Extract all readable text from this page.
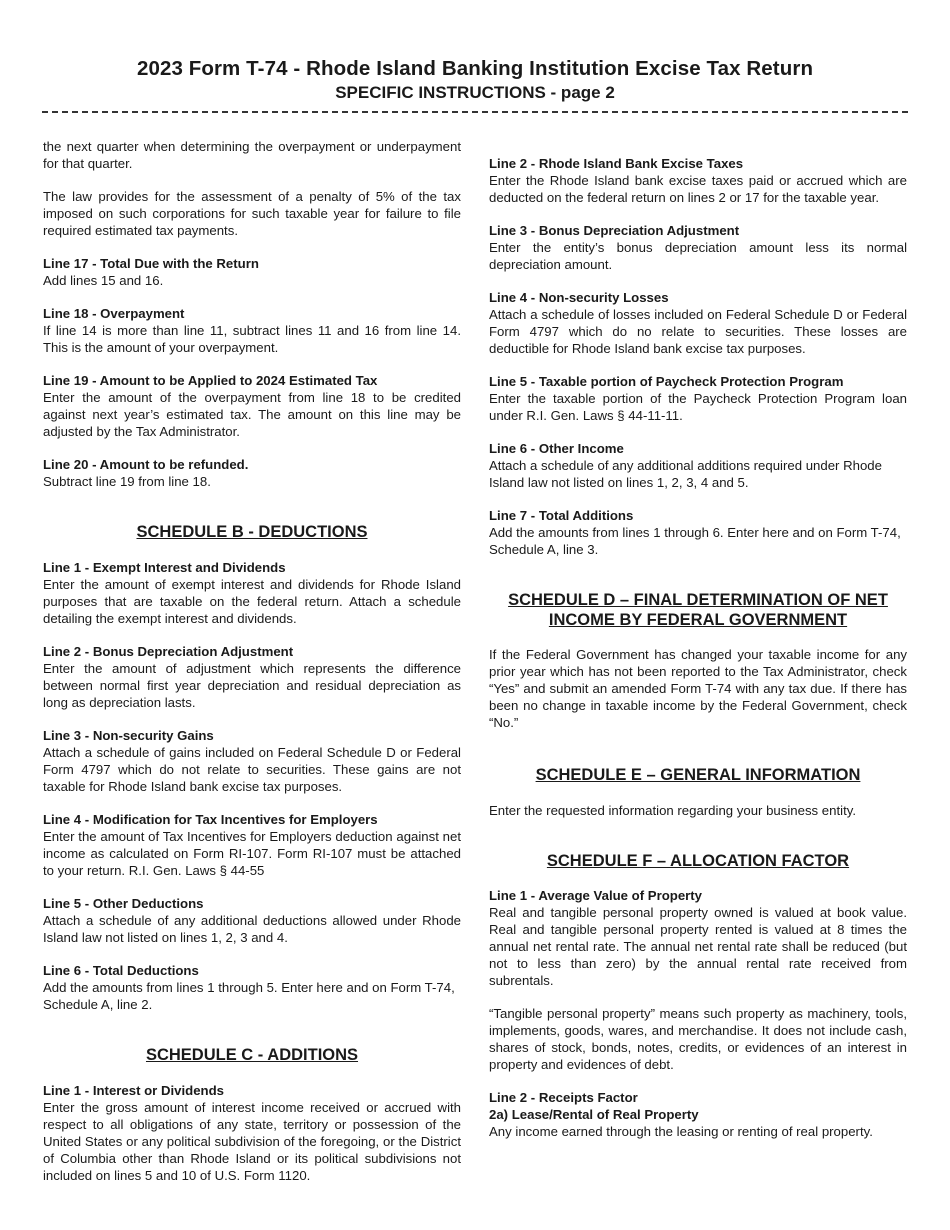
2023 Form T-74 - Rhode Island Banking Institution Excise Tax Return
SPECIFIC INSTRUCTIONS - page 2
the next quarter when determining the overpayment or underpayment for that quarter.
The law provides for the assessment of a penalty of 5% of the tax imposed on such corporations for such taxable year for failure to file required estimated tax payments.
Line 17 - Total Due with the Return
Add lines 15 and 16.
Line 18 - Overpayment
If line 14 is more than line 11, subtract lines 11 and 16 from line 14. This is the amount of your overpayment.
Line 19 - Amount to be Applied to 2024 Estimated Tax
Enter the amount of the overpayment from line 18 to be credited against next year’s estimated tax. The amount on this line may be adjusted by the Tax Administrator.
Line 20 - Amount to be refunded.
Subtract line 19 from line 18.
SCHEDULE B - DEDUCTIONS
Line 1 - Exempt Interest and Dividends
Enter the amount of exempt interest and dividends for Rhode Island purposes that are taxable on the federal return. Attach a schedule detailing the exempt interest and dividends.
Line 2 - Bonus Depreciation Adjustment
Enter the amount of adjustment which represents the difference between normal first year depreciation and residual depreciation as long as depreciation lasts.
Line 3 - Non-security Gains
Attach a schedule of gains included on Federal Schedule D or Federal Form 4797 which do not relate to securities. These gains are not taxable for Rhode Island bank excise tax purposes.
Line 4 - Modification for Tax Incentives for Employers
Enter the amount of Tax Incentives for Employers deduction against net income as calculated on Form RI-107. Form RI-107 must be attached to your return. R.I. Gen. Laws § 44-55
Line 5 - Other Deductions
Attach a schedule of any additional deductions allowed under Rhode Island law not listed on lines 1, 2, 3 and 4.
Line 6 - Total Deductions
Add the amounts from lines 1 through 5. Enter here and on Form T-74, Schedule A, line 2.
SCHEDULE C - ADDITIONS
Line 1 - Interest or Dividends
Enter the gross amount of interest income received or accrued with respect to all obligations of any state, territory or possession of the United States or any political subdivision of the foregoing, or the District of Columbia other than Rhode Island or its political subdivisions not included on lines 5 and 10 of U.S. Form 1120.
Line 2 - Rhode Island Bank Excise Taxes
Enter the Rhode Island bank excise taxes paid or accrued which are deducted on the federal return on lines 2 or 17 for the taxable year.
Line 3 - Bonus Depreciation Adjustment
Enter the entity’s bonus depreciation amount less its normal depreciation amount.
Line 4 - Non-security Losses
Attach a schedule of losses included on Federal Schedule D or Federal Form 4797 which do no relate to securities. These losses are deductible for Rhode Island bank excise tax purposes.
Line 5 - Taxable portion of Paycheck Protection Program
Enter the taxable portion of the Paycheck Protection Program loan under R.I. Gen. Laws § 44-11-11.
Line 6 - Other Income
Attach a schedule of any additional additions required under Rhode Island law not listed on lines 1, 2, 3, 4 and 5.
Line 7 - Total Additions
Add the amounts from lines 1 through 6. Enter here and on Form T-74, Schedule A, line 3.
SCHEDULE D – FINAL DETERMINATION OF NET
INCOME BY FEDERAL GOVERNMENT
If the Federal Government has changed your taxable income for any prior year which has not been reported to the Tax Administrator, check “Yes” and submit an amended Form T-74 with any tax due. If there has been no change in taxable income by the Federal Government, check “No.”
SCHEDULE E – GENERAL INFORMATION
Enter the requested information regarding your business entity.
SCHEDULE F – ALLOCATION FACTOR
Line 1 - Average Value of Property
Real and tangible personal property owned is valued at book value. Real and tangible personal property rented is valued at 8 times the annual net rental rate. The annual net rental rate shall be reduced (but not to less than zero) by the annual rental rate received from subrentals.
“Tangible personal property” means such property as machinery, tools, implements, goods, wares, and merchandise. It does not include cash, shares of stock, bonds, notes, credits, or evidences of an interest in property and evidences of debt.
Line 2 - Receipts Factor
2a) Lease/Rental of Real Property
Any income earned through the leasing or renting of real property.
